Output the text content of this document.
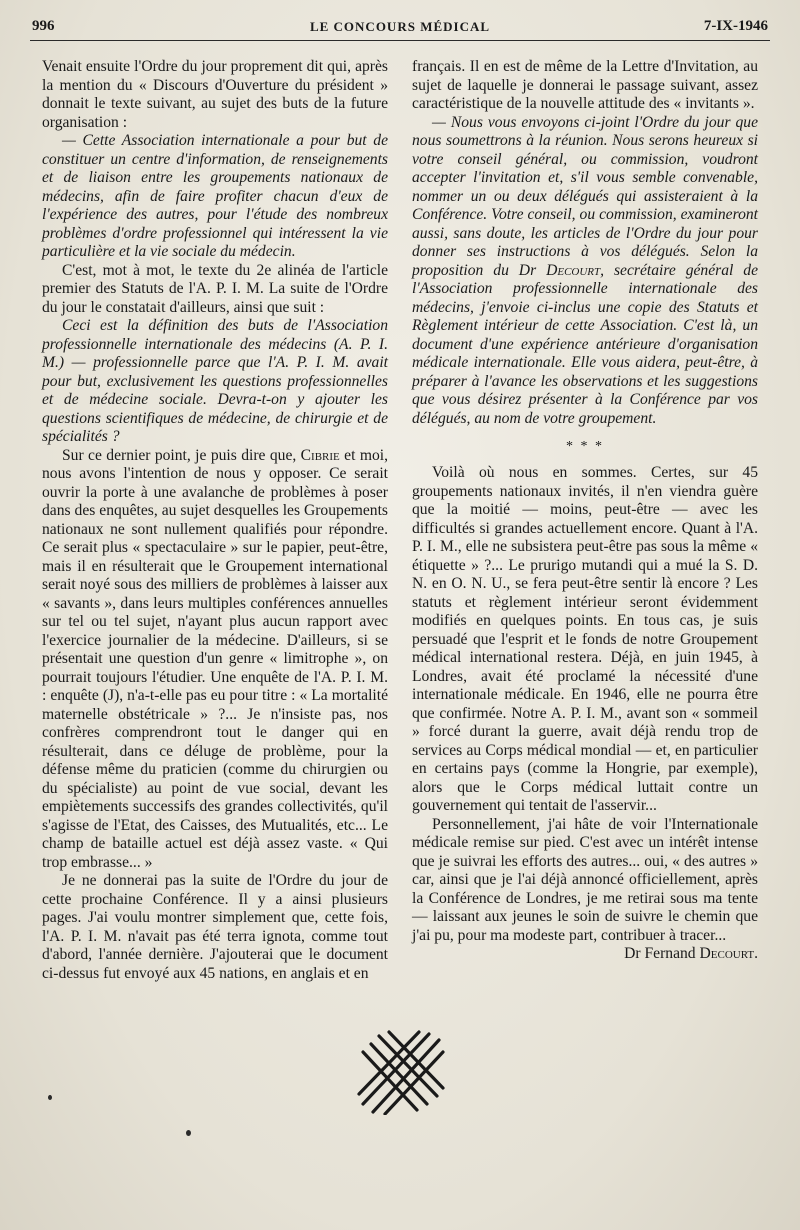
996	LE CONCOURS MÉDICAL	7-IX-1946

Venait ensuite l'Ordre du jour proprement dit qui, après la mention du « Discours d'Ouverture du président » donnait le texte suivant, au sujet des buts de la future organisation :

— Cette Association internationale a pour but de constituer un centre d'information, de renseignements et de liaison entre les groupements nationaux de médecins, afin de faire profiter chacun d'eux de l'expérience des autres, pour l'étude des nombreux problèmes d'ordre professionnel qui intéressent la vie particulière et la vie sociale du médecin.

C'est, mot à mot, le texte du 2e alinéa de l'article premier des Statuts de l'A. P. I. M. La suite de l'Ordre du jour le constatait d'ailleurs, ainsi que suit :

Ceci est la définition des buts de l'Association professionnelle internationale des médecins (A. P. I. M.) — professionnelle parce que l'A. P. I. M. avait pour but, exclusivement les questions professionnelles et de médecine sociale. Devra-t-on y ajouter les questions scientifiques de médecine, de chirurgie et de spécialités ?

Sur ce dernier point, je puis dire que, Cibrie et moi, nous avons l'intention de nous y opposer. Ce serait ouvrir la porte à une avalanche de problèmes à poser dans des enquêtes, au sujet desquelles les Groupements nationaux ne sont nullement qualifiés pour répondre. Ce serait plus « spectaculaire » sur le papier, peut-être, mais il en résulterait que le Groupement international serait noyé sous des milliers de problèmes à laisser aux « savants », dans leurs multiples conférences annuelles sur tel ou tel sujet, n'ayant plus aucun rapport avec l'exercice journalier de la médecine. D'ailleurs, si se présentait une question d'un genre « limitrophe », on pourrait toujours l'étudier. Une enquête de l'A. P. I. M. : enquête (J), n'a-t-elle pas eu pour titre : « La mortalité maternelle obstétricale » ?... Je n'insiste pas, nos confrères comprendront tout le danger qui en résulterait, dans ce déluge de problème, pour la défense même du praticien (comme du chirurgien ou du spécialiste) au point de vue social, devant les empiètements successifs des grandes collectivités, qu'il s'agisse de l'Etat, des Caisses, des Mutualités, etc... Le champ de bataille actuel est déjà assez vaste. « Qui trop embrasse... »

Je ne donnerai pas la suite de l'Ordre du jour de cette prochaine Conférence. Il y a ainsi plusieurs pages. J'ai voulu montrer simplement que, cette fois, l'A. P. I. M. n'avait pas été terra ignota, comme tout d'abord, l'année dernière. J'ajouterai que le document ci-dessus fut envoyé aux 45 nations, en anglais et en

français. Il en est de même de la Lettre d'Invitation, au sujet de laquelle je donnerai le passage suivant, assez caractéristique de la nouvelle attitude des « invitants ».

— Nous vous envoyons ci-joint l'Ordre du jour que nous soumettrons à la réunion. Nous serons heureux si votre conseil général, ou commission, voudront accepter l'invitation et, s'il vous semble convenable, nommer un ou deux délégués qui assisteraient à la Conférence. Votre conseil, ou commission, examineront aussi, sans doute, les articles de l'Ordre du jour pour donner ses instructions à vos délégués. Selon la proposition du Dr Decourt, secrétaire général de l'Association professionnelle internationale des médecins, j'envoie ci-inclus une copie des Statuts et Règlement intérieur de cette Association. C'est là, un document d'une expérience antérieure d'organisation médicale internationale. Elle vous aidera, peut-être, à préparer à l'avance les observations et les suggestions que vous désirez présenter à la Conférence par vos délégués, au nom de votre groupement.

* * *

Voilà où nous en sommes. Certes, sur 45 groupements nationaux invités, il n'en viendra guère que la moitié — moins, peut-être — avec les difficultés si grandes actuellement encore. Quant à l'A. P. I. M., elle ne subsistera peut-être pas sous la même « étiquette » ?... Le prurigo mutandi qui a mué la S. D. N. en O. N. U., se fera peut-être sentir là encore ? Les statuts et règlement intérieur seront évidemment modifiés en quelques points. En tous cas, je suis persuadé que l'esprit et le fonds de notre Groupement médical international restera. Déjà, en juin 1945, à Londres, avait été proclamé la nécessité d'une internationale médicale. En 1946, elle ne pourra être que confirmée. Notre A. P. I. M., avant son « sommeil » forcé durant la guerre, avait déjà rendu trop de services au Corps médical mondial — et, en particulier en certains pays (comme la Hongrie, par exemple), alors que le Corps médical luttait contre un gouvernement qui tentait de l'asservir...

Personnellement, j'ai hâte de voir l'Internationale médicale remise sur pied. C'est avec un intérêt intense que je suivrai les efforts des autres... oui, « des autres » car, ainsi que je l'ai déjà annoncé officiellement, après la Conférence de Londres, je me retirai sous ma tente — laissant aux jeunes le soin de suivre le chemin que j'ai pu, pour ma modeste part, contribuer à tracer...

Dr Fernand Decourt.
